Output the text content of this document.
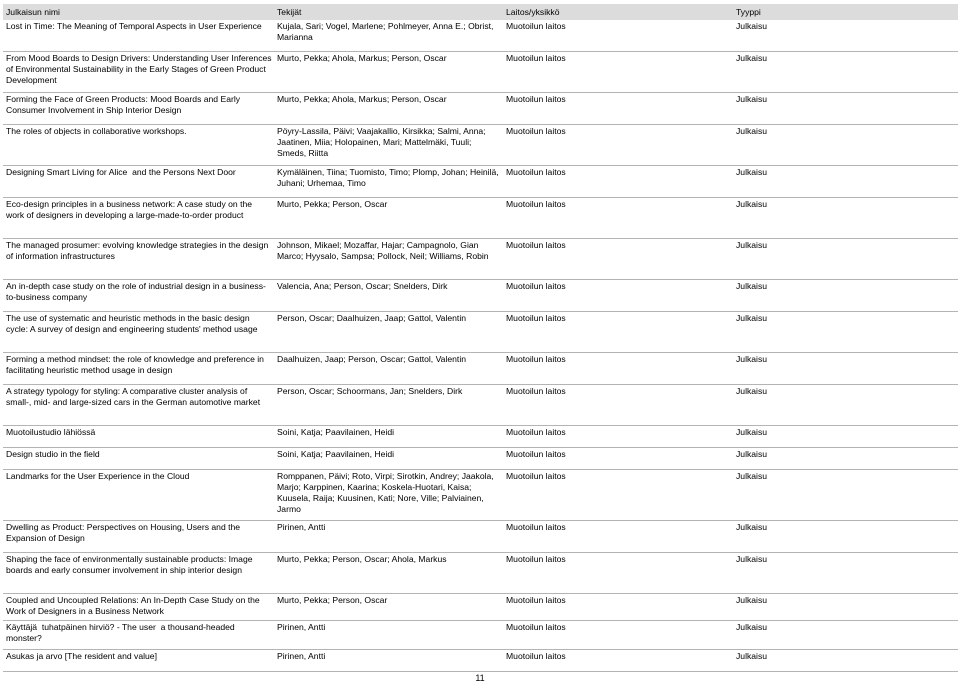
Julkaisun nimi	Tekijät	Laitos/yksikkö	Tyyppi

Lost in Time: The Meaning of Temporal Aspects in User Experience	Kujala, Sari; Vogel, Marlene; Pohlmeyer, Anna E.; Obrist, Marianna	Muotoilun laitos	Julkaisu

From Mood Boards to Design Drivers: Understanding User Inferences of Environmental Sustainability in the Early Stages of Green Product Development	Murto, Pekka; Ahola, Markus; Person, Oscar	Muotoilun laitos	Julkaisu

Forming the Face of Green Products: Mood Boards and Early Consumer Involvement in Ship Interior Design	Murto, Pekka; Ahola, Markus; Person, Oscar	Muotoilun laitos	Julkaisu

The roles of objects in collaborative workshops.	Pöyry-Lassila, Päivi; Vaajakallio, Kirsikka; Salmi, Anna; Jaatinen, Miia; Holopainen, Mari; Mattelmäki, Tuuli; Smeds, Riitta	Muotoilun laitos	Julkaisu

Designing Smart Living for Alice and the Persons Next Door	Kymäläinen, Tiina; Tuomisto, Timo; Plomp, Johan; Heinilä, Juhani; Urhemaa, Timo	Muotoilun laitos	Julkaisu

Eco-design principles in a business network: A case study on the work of designers in developing a large-made-to-order product	Murto, Pekka; Person, Oscar	Muotoilun laitos	Julkaisu

The managed prosumer: evolving knowledge strategies in the design of information infrastructures	Johnson, Mikael; Mozaffar, Hajar; Campagnolo, Gian Marco; Hyysalo, Sampsa; Pollock, Neil; Williams, Robin	Muotoilun laitos	Julkaisu

An in-depth case study on the role of industrial design in a business-to-business company	Valencia, Ana; Person, Oscar; Snelders, Dirk	Muotoilun laitos	Julkaisu

The use of systematic and heuristic methods in the basic design cycle: A survey of design and engineering students' method usage	Person, Oscar; Daalhuizen, Jaap; Gattol, Valentin	Muotoilun laitos	Julkaisu

Forming a method mindset: the role of knowledge and preference in facilitating heuristic method usage in design	Daalhuizen, Jaap; Person, Oscar; Gattol, Valentin	Muotoilun laitos	Julkaisu

A strategy typology for styling: A comparative cluster analysis of small-, mid- and large-sized cars in the German automotive market	Person, Oscar; Schoormans, Jan; Snelders, Dirk	Muotoilun laitos	Julkaisu

Muotoilustudio lähiössä	Soini, Katja; Paavilainen, Heidi	Muotoilun laitos	Julkaisu

Design studio in the field	Soini, Katja; Paavilainen, Heidi	Muotoilun laitos	Julkaisu

Landmarks for the User Experience in the Cloud	Romppanen, Päivi; Roto, Virpi; Sirotkin, Andrey; Jaakola, Marjo; Karppinen, Kaarina; Koskela-Huotari, Kaisa; Kuusela, Raija; Kuusinen, Kati; Nore, Ville; Palviainen, Jarmo	Muotoilun laitos	Julkaisu

Dwelling as Product: Perspectives on Housing, Users and the Expansion of Design	Pirinen, Antti	Muotoilun laitos	Julkaisu

Shaping the face of environmentally sustainable products: Image boards and early consumer involvement in ship interior design	Murto, Pekka; Person, Oscar; Ahola, Markus	Muotoilun laitos	Julkaisu

Coupled and Uncoupled Relations: An In-Depth Case Study on the Work of Designers in a Business Network	Murto, Pekka; Person, Oscar	Muotoilun laitos	Julkaisu

Käyttäjä tuhatpäinen hirviö? - The user a thousand-headed monster?	Pirinen, Antti	Muotoilun laitos	Julkaisu

Asukas ja arvo [The resident and value]	Pirinen, Antti	Muotoilun laitos	Julkaisu
11
